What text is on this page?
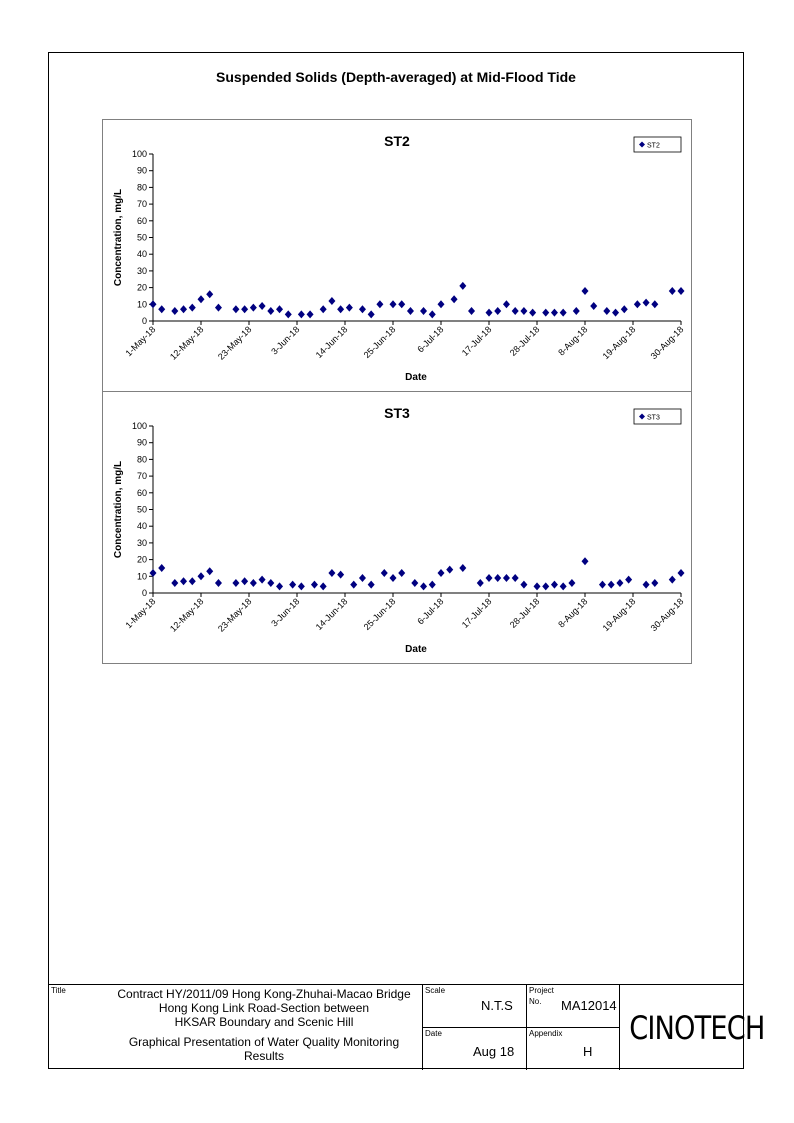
Suspended Solids (Depth-averaged) at Mid-Flood Tide
ST2
0
10
20
30
40
50
60
70
80
90
100
Concentration, mg/L
1-May-18 12-May-18 23-May-18 3-Jun-18 14-Jun-18 25-Jun-18 6-Jul-18 17-Jul-18 28-Jul-18 8-Aug-18 19-Aug-18 30-Aug-18
Date
ST2
ST3
0
10
20
30
40
50
60
70
80
90
100
Concentration, mg/L
1-May-18 12-May-18 23-May-18 3-Jun-18 14-Jun-18 25-Jun-18 6-Jul-18 17-Jul-18 28-Jul-18 8-Aug-18 19-Aug-18 30-Aug-18
Date
ST3
Title	Contract HY/2011/09 Hong Kong-Zhuhai-Macao Bridge
Hong Kong Link Road-Section between
HKSAR Boundary and Scenic Hill
Graphical Presentation of Water Quality Monitoring
Results
Scale
N.T.S
Date
Aug 18
Project
No. MA12014
Appendix
H
CINOTECH
